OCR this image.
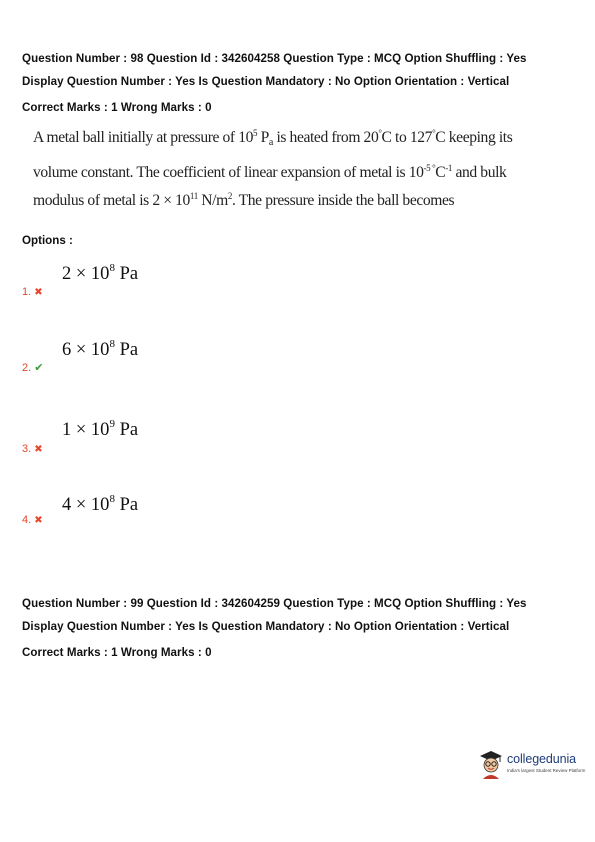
Question Number : 98 Question Id : 342604258 Question Type : MCQ Option Shuffling : Yes
Display Question Number : Yes Is Question Mandatory : No Option Orientation : Vertical
Correct Marks : 1 Wrong Marks : 0
A metal ball initially at pressure of $10^5$ $P_a$ is heated from 20°C to 127°C keeping its
volume constant. The coefficient of linear expansion of metal is $10^{-5 ^\circ}C^{-1}$ and bulk
modulus of metal is $2 \times 10^{11}$ $N/m^2$. The pressure inside the ball becomes
Options :
$2 \times 10^8$ Pa
1. ✖
$6 \times 10^8$ Pa
2. ✔
$1 \times 10^9$ Pa
3. ✖
$4 \times 10^8$ Pa
4. ✖
Question Number : 99 Question Id : 342604259 Question Type : MCQ Option Shuffling : Yes
Display Question Number : Yes Is Question Mandatory : No Option Orientation : Vertical
Correct Marks : 1 Wrong Marks : 0
collegedunia
India's largest Student Review Platform
